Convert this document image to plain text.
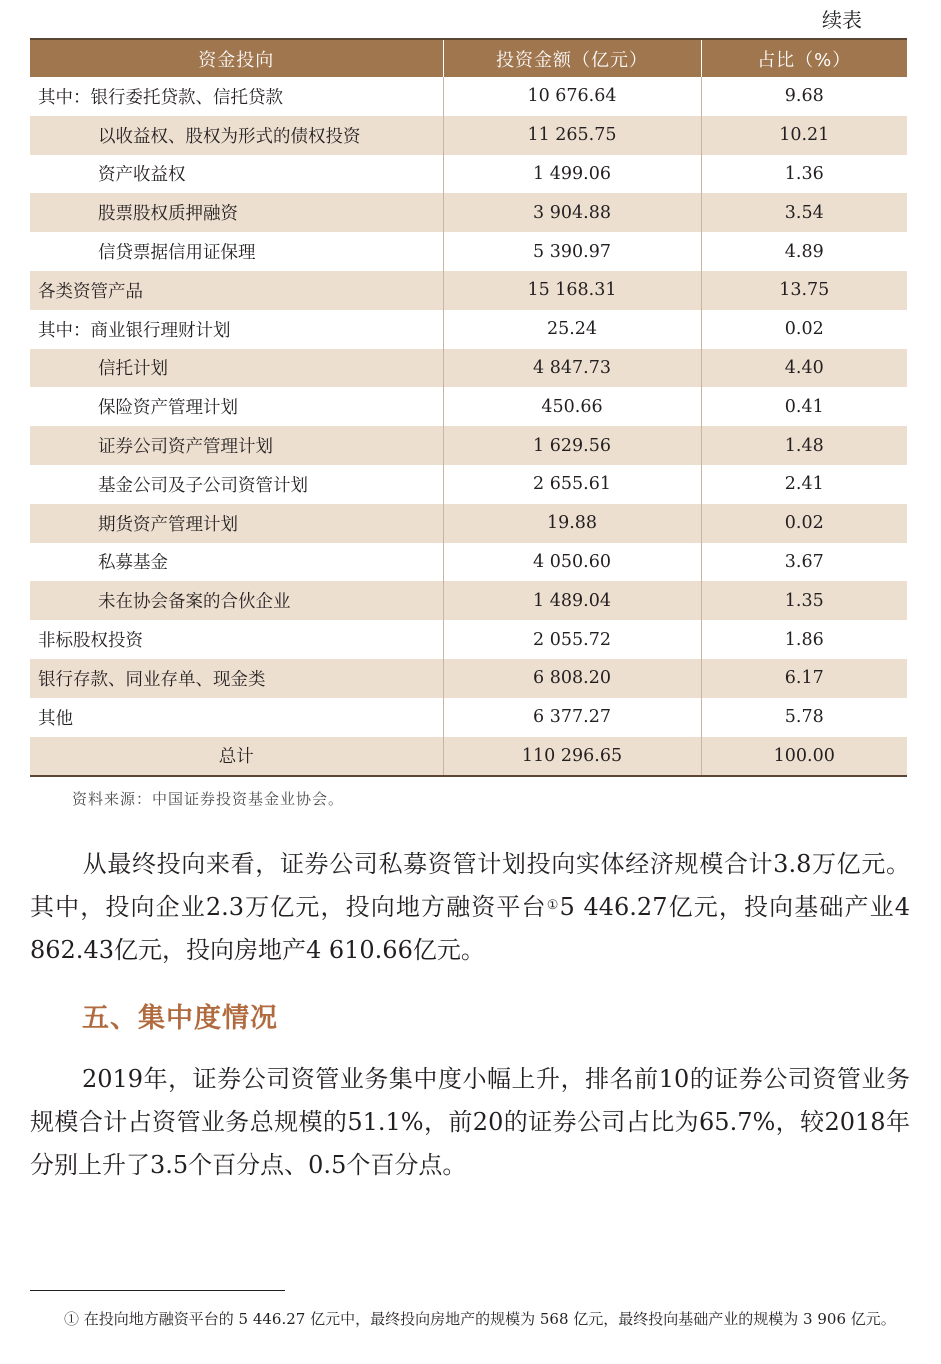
续表
资金投向	投资金额（亿元）	占比（%）
其中：银行委托贷款、信托贷款	10 676.64	9.68
以收益权、股权为形式的债权投资	11 265.75	10.21
资产收益权	1 499.06	1.36
股票股权质押融资	3 904.88	3.54
信贷票据信用证保理	5 390.97	4.89
各类资管产品	15 168.31	13.75
其中：商业银行理财计划	25.24	0.02
信托计划	4 847.73	4.40
保险资产管理计划	450.66	0.41
证券公司资产管理计划	1 629.56	1.48
基金公司及子公司资管计划	2 655.61	2.41
期货资产管理计划	19.88	0.02
私募基金	4 050.60	3.67
未在协会备案的合伙企业	1 489.04	1.35
非标股权投资	2 055.72	1.86
银行存款、同业存单、现金类	6 808.20	6.17
其他	6 377.27	5.78
总计	110 296.65	100.00
资料来源：中国证券投资基金业协会。

从最终投向来看，证券公司私募资管计划投向实体经济规模合计3.8万亿元。其中，投向企业2.3万亿元，投向地方融资平台①5 446.27亿元，投向基础产业4 862.43亿元，投向房地产4 610.66亿元。

五、集中度情况

2019年，证券公司资管业务集中度小幅上升，排名前10的证券公司资管业务规模合计占资管业务总规模的51.1%，前20的证券公司占比为65.7%，较2018年分别上升了3.5个百分点、0.5个百分点。

① 在投向地方融资平台的 5 446.27 亿元中，最终投向房地产的规模为 568 亿元，最终投向基础产业的规模为 3 906 亿元。
